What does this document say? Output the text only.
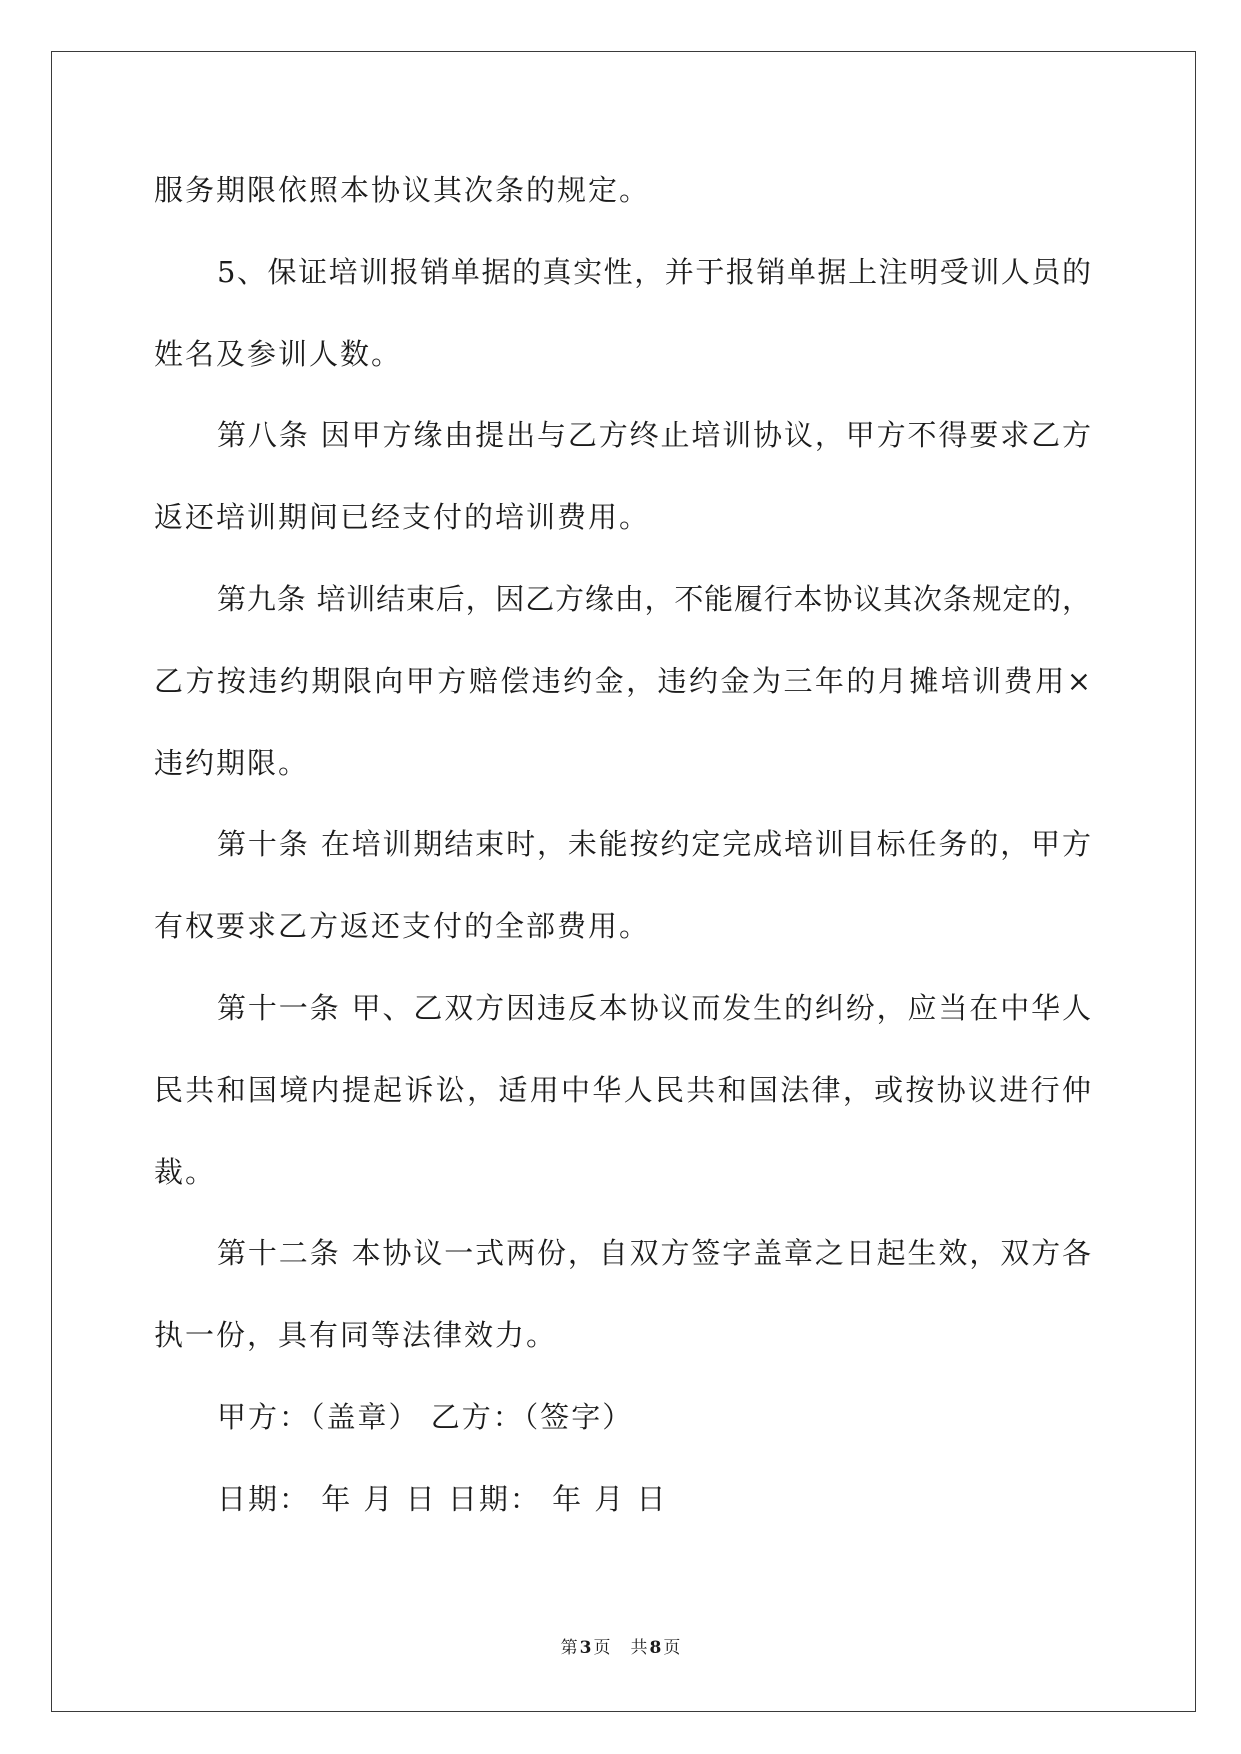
服务期限依照本协议其次条的规定。
5、保证培训报销单据的真实性，并于报销单据上注明受训人员的
姓名及参训人数。
第八条 因甲方缘由提出与乙方终止培训协议，甲方不得要求乙方
返还培训期间已经支付的培训费用。
第九条 培训结束后，因乙方缘由，不能履行本协议其次条规定的，
乙方按违约期限向甲方赔偿违约金，违约金为三年的月摊培训费用×
违约期限。
第十条 在培训期结束时，未能按约定完成培训目标任务的，甲方
有权要求乙方返还支付的全部费用。
第十一条 甲、乙双方因违反本协议而发生的纠纷，应当在中华人
民共和国境内提起诉讼，适用中华人民共和国法律，或按协议进行仲
裁。
第十二条 本协议一式两份，自双方签字盖章之日起生效，双方各
执一份，具有同等法律效力。
甲方：（盖章） 乙方：（签字）
日期： 年 月 日 日期： 年 月 日
第 3 页 共 8 页
